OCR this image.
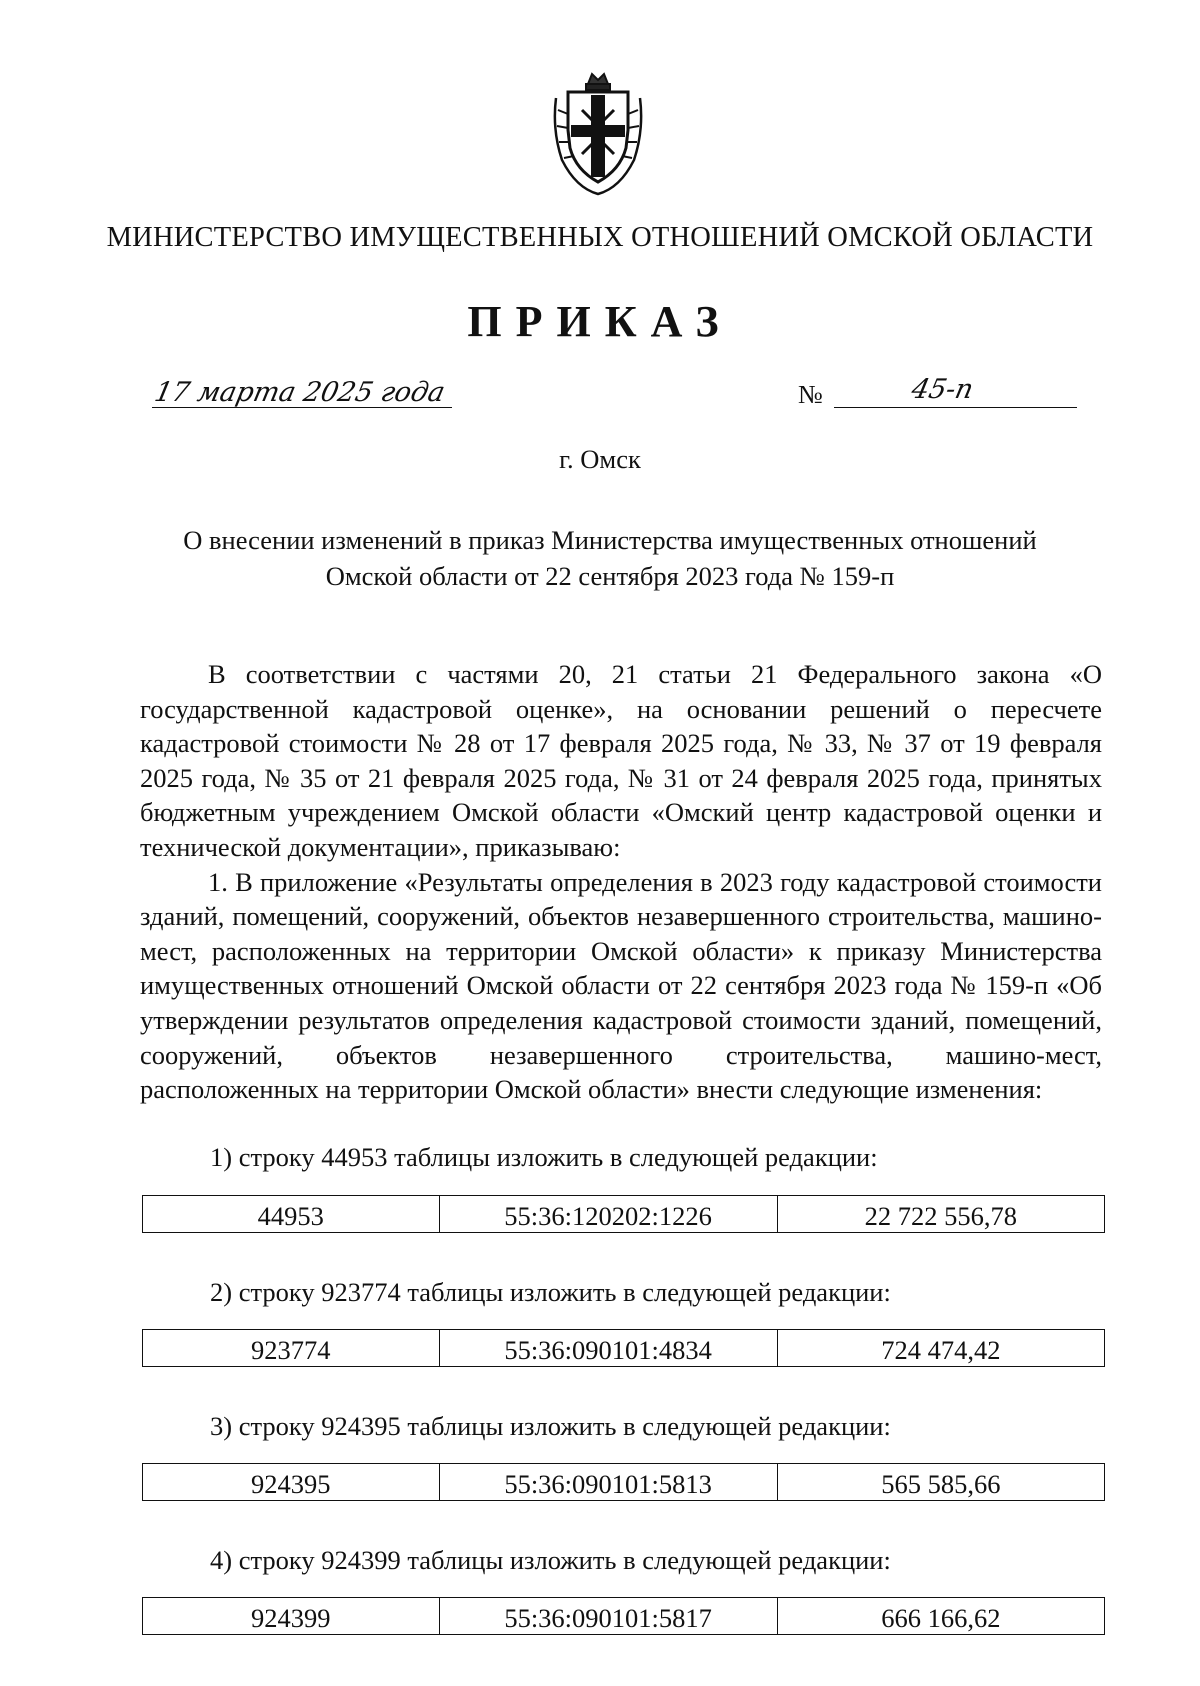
МИНИСТЕРСТВО ИМУЩЕСТВЕННЫХ ОТНОШЕНИЙ ОМСКОЙ ОБЛАСТИ
ПРИКАЗ
17 марта 2025 года	№	45-п
г. Омск
О внесении изменений в приказ Министерства имущественных отношений Омской области от 22 сентября 2023 года № 159-п

В соответствии с частями 20, 21 статьи 21 Федерального закона «О государственной кадастровой оценке», на основании решений о пересчете кадастровой стоимости № 28 от 17 февраля 2025 года, № 33, № 37 от 19 февраля 2025 года, № 35 от 21 февраля 2025 года, № 31 от 24 февраля 2025 года, принятых бюджетным учреждением Омской области «Омский центр кадастровой оценки и технической документации», приказываю:

1. В приложение «Результаты определения в 2023 году кадастровой стоимости зданий, помещений, сооружений, объектов незавершенного строительства, машино-мест, расположенных на территории Омской области» к приказу Министерства имущественных отношений Омской области от 22 сентября 2023 года № 159-п «Об утверждении результатов определения кадастровой стоимости зданий, помещений, сооружений, объектов незавершенного строительства, машино-мест, расположенных на территории Омской области» внести следующие изменения:

1) строку 44953 таблицы изложить в следующей редакции:
44953	55:36:120202:1226	22 722 556,78
2) строку 923774 таблицы изложить в следующей редакции:
923774	55:36:090101:4834	724 474,42
3) строку 924395 таблицы изложить в следующей редакции:
924395	55:36:090101:5813	565 585,66
4) строку 924399 таблицы изложить в следующей редакции:
924399	55:36:090101:5817	666 166,62
